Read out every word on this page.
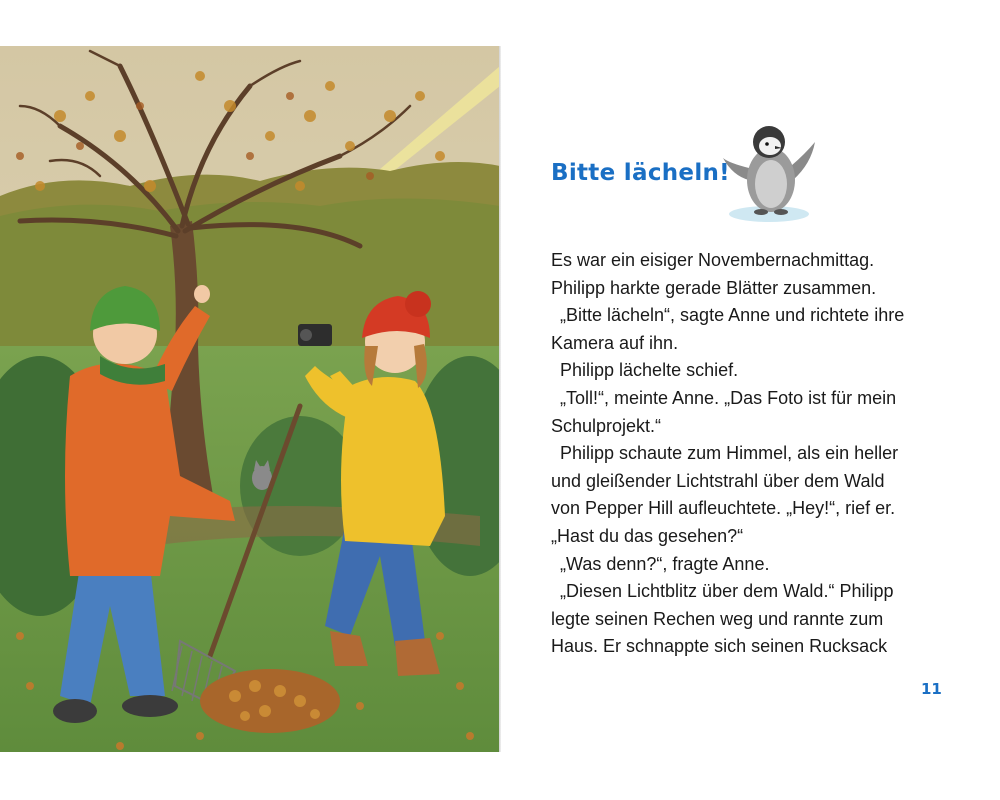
Bitte lächeln!
Es war ein eisiger Novembernachmittag.
Philipp harkte gerade Blätter zusammen.
„Bitte lächeln“, sagte Anne und richtete ihre
Kamera auf ihn.
Philipp lächelte schief.
„Toll!“, meinte Anne. „Das Foto ist für mein
Schulprojekt.“
Philipp schaute zum Himmel, als ein heller
und gleißender Lichtstrahl über dem Wald
von Pepper Hill aufleuchtete. „Hey!“, rief er.
„Hast du das gesehen?“
„Was denn?“, fragte Anne.
„Diesen Lichtblitz über dem Wald.“ Philipp
legte seinen Rechen weg und rannte zum
Haus. Er schnappte sich seinen Rucksack
11
